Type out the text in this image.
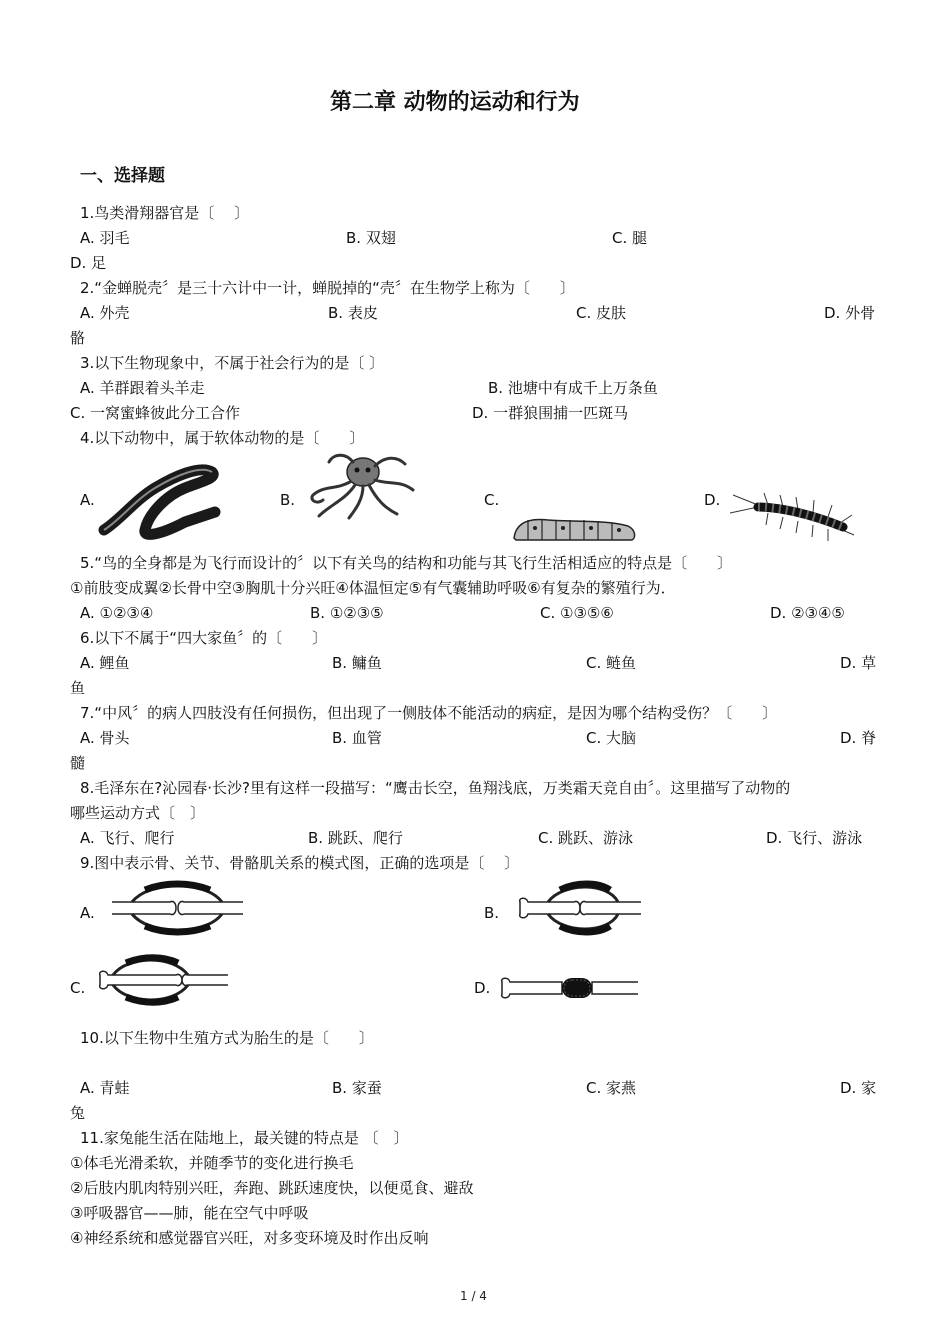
第二章 动物的运动和行为
一、选择题
1.鸟类滑翔器官是〔　 〕
A. 羽毛	B. 双翅	C. 腿
D. 足
2.“金蝉脱壳〞是三十六计中一计，蝉脱掉的“壳〞在生物学上称为〔　　〕
A. 外壳	B. 表皮	C. 皮肤	D. 外骨
骼
3.以下生物现象中，不属于社会行为的是〔 〕
A. 羊群跟着头羊走	B. 池塘中有成千上万条鱼
C. 一窝蜜蜂彼此分工合作	D. 一群狼围捕一匹斑马
4.以下动物中，属于软体动物的是〔　　〕
A.	B.	C.	D.
5.“鸟的全身都是为飞行而设计的〞以下有关鸟的结构和功能与其飞行生活相适应的特点是〔　　〕
①前肢变成翼②长骨中空③胸肌十分兴旺④体温恒定⑤有气囊辅助呼吸⑥有复杂的繁殖行为．
A. ①②③④	B. ①②③⑤	C. ①③⑤⑥	D. ②③④⑤
6.以下不属于“四大家鱼〞的〔　　〕
A. 鲤鱼	B. 鳙鱼	C. 鲢鱼	D. 草
鱼
7.“中风〞的病人四肢没有任何损伤，但出现了一侧肢体不能活动的病症，是因为哪个结构受伤？〔　　〕
A. 骨头	B. 血管	C. 大脑	D. 脊
髓
8.毛泽东在?沁园春·长沙?里有这样一段描写：“鹰击长空，鱼翔浅底，万类霜天竞自由〞。这里描写了动物的
哪些运动方式〔　〕
A. 飞行、爬行	B. 跳跃、爬行	C. 跳跃、游泳	D. 飞行、游泳
9.图中表示骨、关节、骨骼肌关系的模式图，正确的选项是〔　 〕
A.	B.
C.	D.
10.以下生物中生殖方式为胎生的是〔　　〕
A. 青蛙	B. 家蚕	C. 家燕	D. 家
兔
11.家兔能生活在陆地上，最关键的特点是 〔　〕
①体毛光滑柔软，并随季节的变化进行换毛
②后肢内肌肉特别兴旺，奔跑、跳跃速度快，以便觅食、避敌
③呼吸器官——肺，能在空气中呼吸
④神经系统和感觉器官兴旺，对多变环境及时作出反响
1 / 4
